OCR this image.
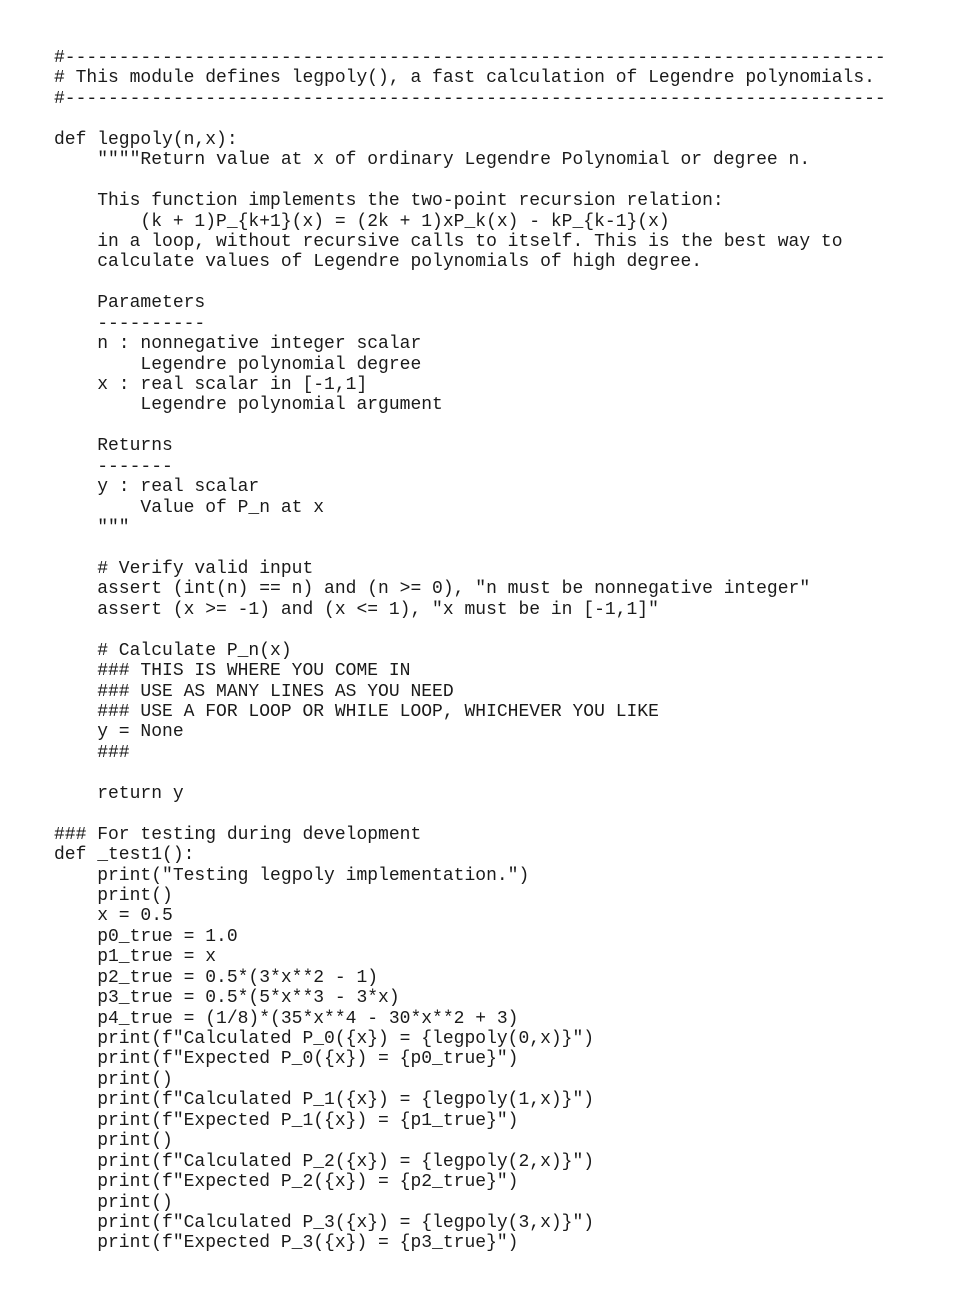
#----------------------------------------------------------------------------
# This module defines legpoly(), a fast calculation of Legendre polynomials.
#----------------------------------------------------------------------------
def legpoly(n,x):
""""Return value at x of ordinary Legendre Polynomial or degree n.
This function implements the two-point recursion relation:
(k + 1)P_{k+1}(x) = (2k + 1)xP_k(x) - kP_{k-1}(x)
in a loop, without recursive calls to itself. This is the best way to
calculate values of Legendre polynomials of high degree.
Parameters
----------
n : nonnegative integer scalar
Legendre polynomial degree
x : real scalar in [-1,1]
Legendre polynomial argument
Returns
-------
y : real scalar
Value of P_n at x
"""
# Verify valid input
assert (int(n) == n) and (n >= 0), "n must be nonnegative integer"
assert (x >= -1) and (x <= 1), "x must be in [-1,1]"
# Calculate P_n(x)
### THIS IS WHERE YOU COME IN
### USE AS MANY LINES AS YOU NEED
### USE A FOR LOOP OR WHILE LOOP, WHICHEVER YOU LIKE
y = None
###
return y
### For testing during development
def _test1():
print("Testing legpoly implementation.")
print()
x = 0.5
p0_true = 1.0
p1_true = x
p2_true = 0.5*(3*x**2 - 1)
p3_true = 0.5*(5*x**3 - 3*x)
p4_true = (1/8)*(35*x**4 - 30*x**2 + 3)
print(f"Calculated P_0({x}) = {legpoly(0,x)}")
print(f"Expected P_0({x}) = {p0_true}")
print()
print(f"Calculated P_1({x}) = {legpoly(1,x)}")
print(f"Expected P_1({x}) = {p1_true}")
print()
print(f"Calculated P_2({x}) = {legpoly(2,x)}")
print(f"Expected P_2({x}) = {p2_true}")
print()
print(f"Calculated P_3({x}) = {legpoly(3,x)}")
print(f"Expected P_3({x}) = {p3_true}")
